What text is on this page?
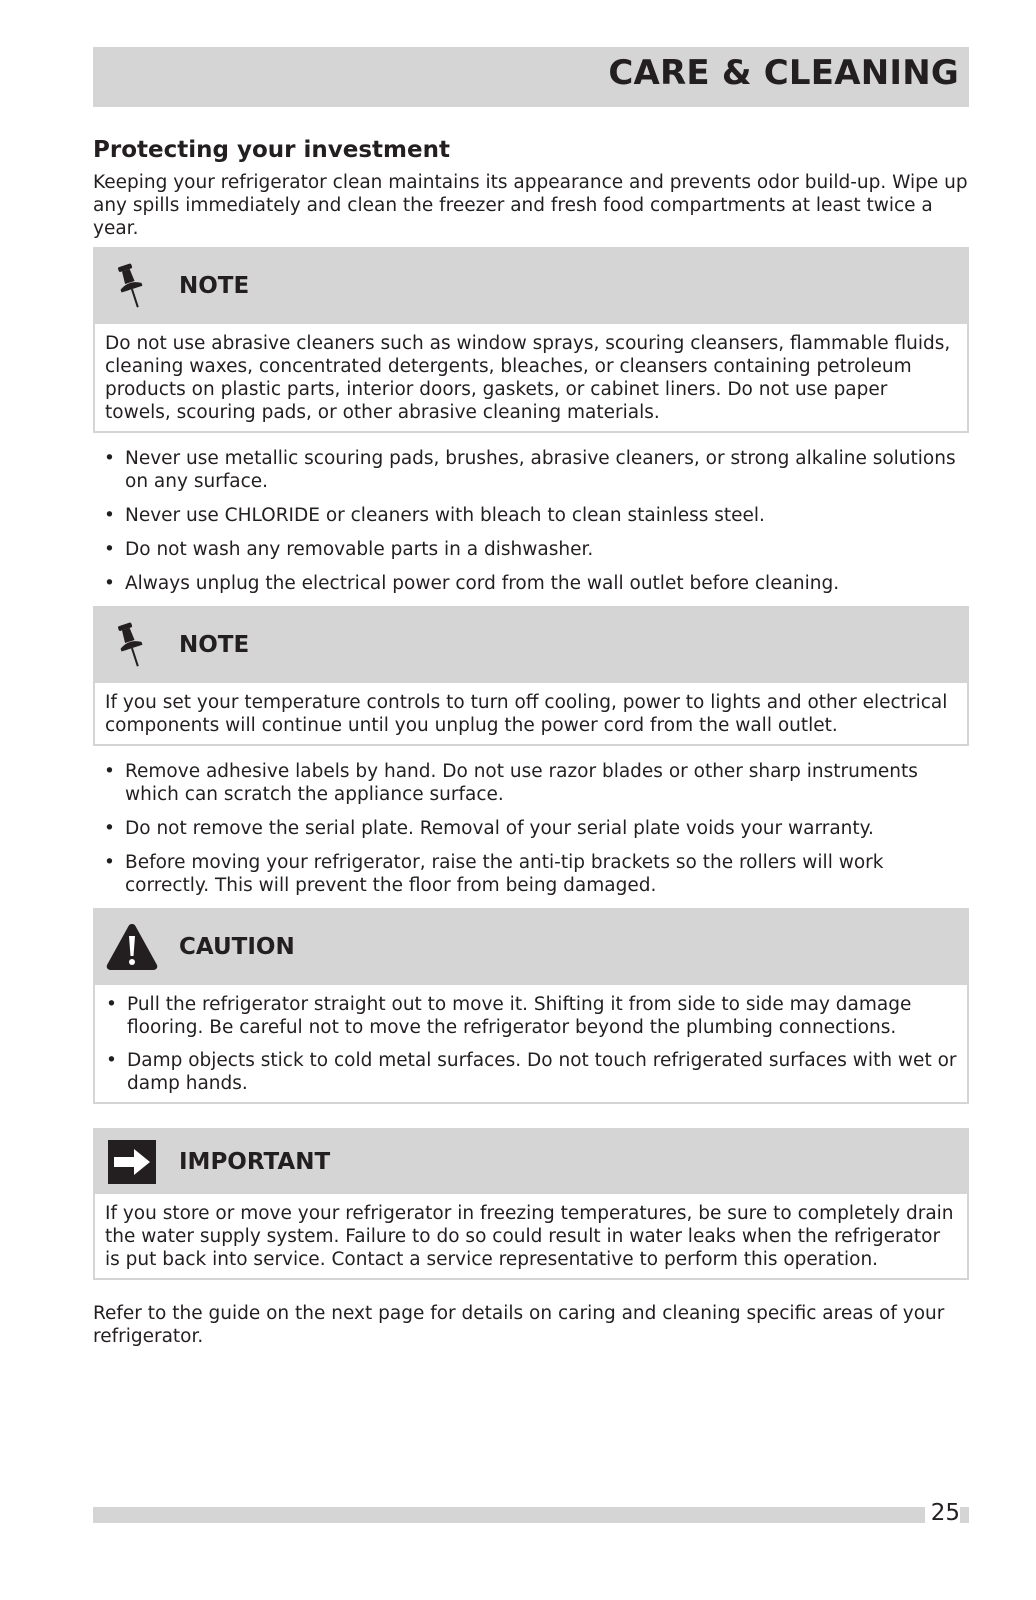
CARE & CLEANING
Protecting your investment

Keeping your refrigerator clean maintains its appearance and prevents odor build-up. Wipe up any spills immediately and clean the freezer and fresh food compartments at least twice a year.

NOTE
Do not use abrasive cleaners such as window sprays, scouring cleansers, flammable fluids, cleaning waxes, concentrated detergents, bleaches, or cleansers containing petroleum products on plastic parts, interior doors, gaskets, or cabinet liners. Do not use paper towels, scouring pads, or other abrasive cleaning materials.
• Never use metallic scouring pads, brushes, abrasive cleaners, or strong alkaline solutions on any surface.
• Never use CHLORIDE or cleaners with bleach to clean stainless steel.
• Do not wash any removable parts in a dishwasher.
• Always unplug the electrical power cord from the wall outlet before cleaning.
NOTE
If you set your temperature controls to turn off cooling, power to lights and other electrical components will continue until you unplug the power cord from the wall outlet.
• Remove adhesive labels by hand. Do not use razor blades or other sharp instruments which can scratch the appliance surface.
• Do not remove the serial plate. Removal of your serial plate voids your warranty.
• Before moving your refrigerator, raise the anti-tip brackets so the rollers will work correctly. This will prevent the floor from being damaged.
CAUTION
• Pull the refrigerator straight out to move it. Shifting it from side to side may damage flooring. Be careful not to move the refrigerator beyond the plumbing connections.
• Damp objects stick to cold metal surfaces. Do not touch refrigerated surfaces with wet or damp hands.
IMPORTANT
If you store or move your refrigerator in freezing temperatures, be sure to completely drain the water supply system. Failure to do so could result in water leaks when the refrigerator is put back into service. Contact a service representative to perform this operation.

Refer to the guide on the next page for details on caring and cleaning specific areas of your refrigerator.

25
